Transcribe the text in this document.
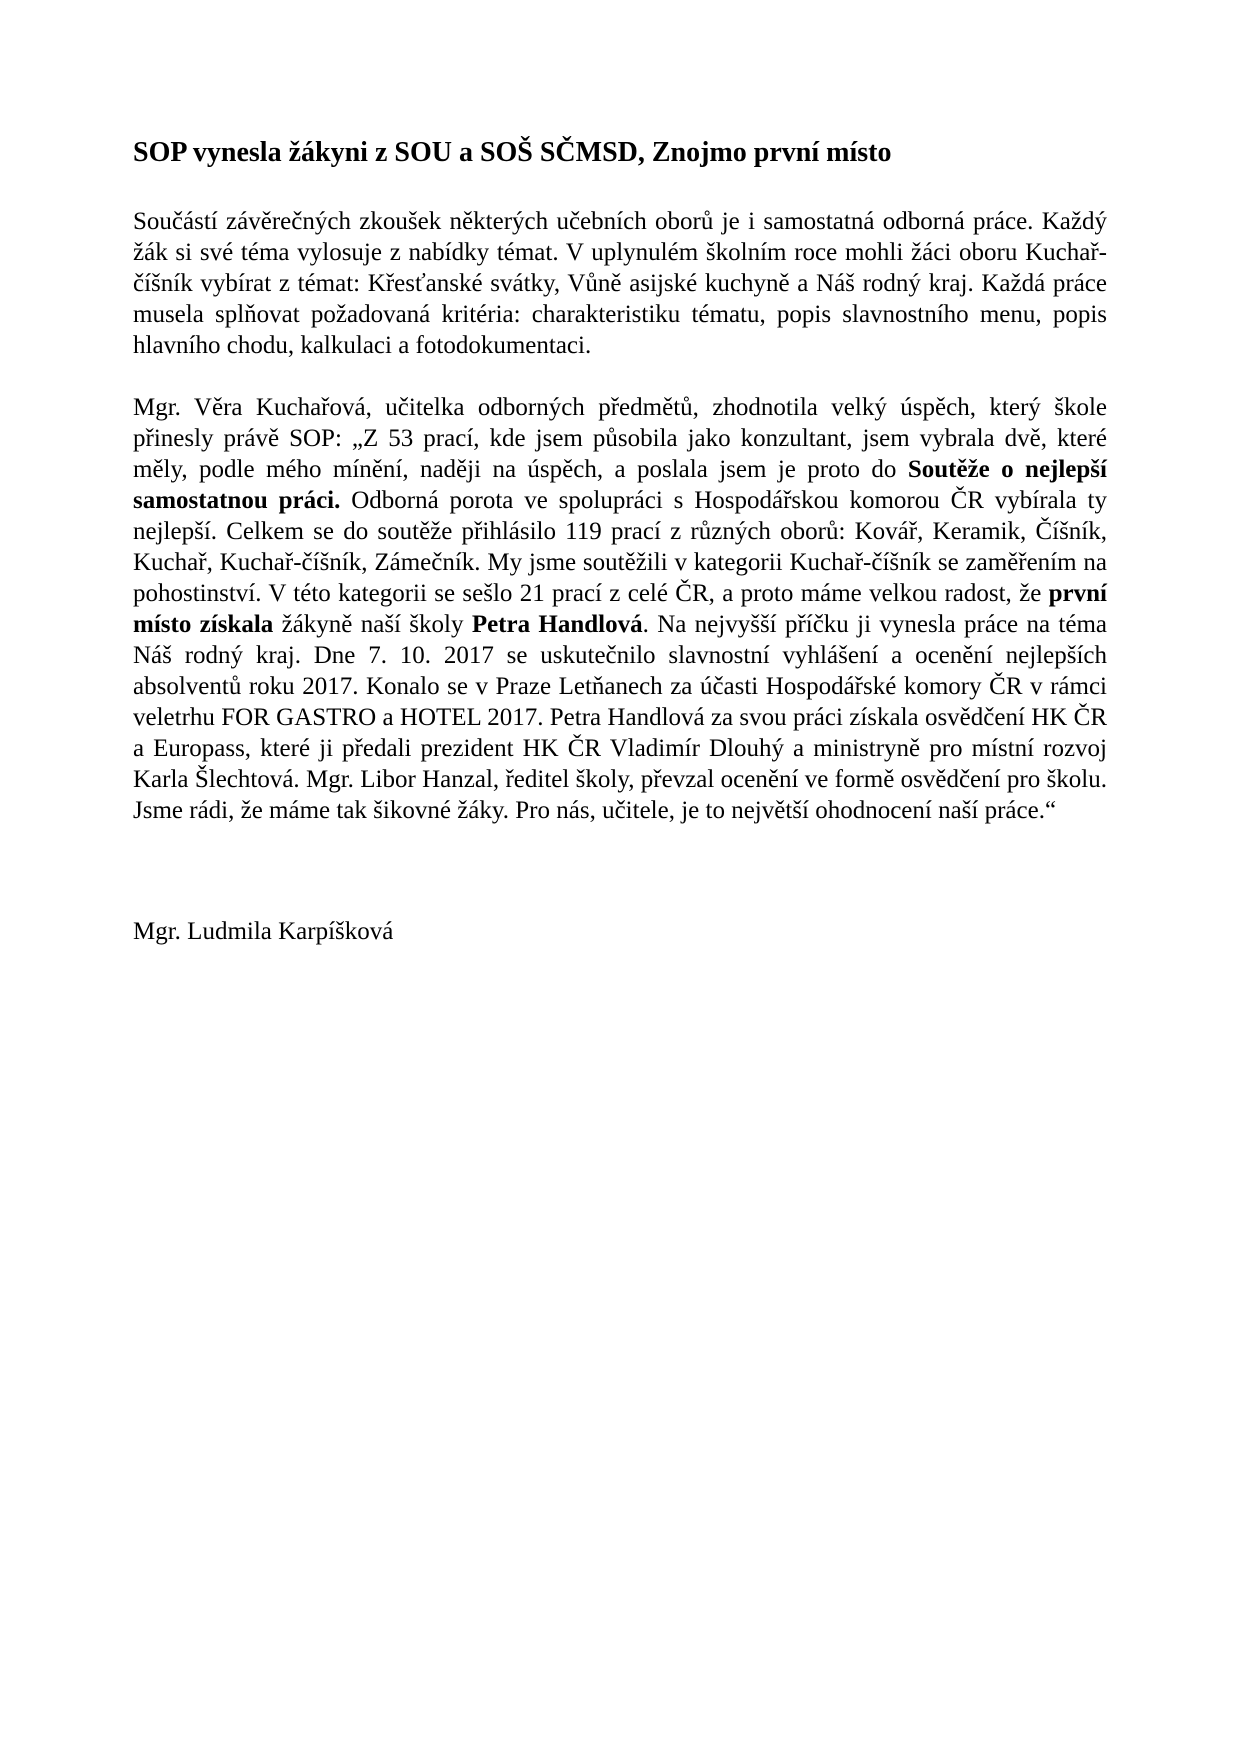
SOP vynesla žákyni z SOU a SOŠ SČMSD, Znojmo první místo

Součástí závěrečných zkoušek některých učebních oborů je i samostatná odborná práce. Každý žák si své téma vylosuje z nabídky témat. V uplynulém školním roce mohli žáci oboru Kuchař-číšník vybírat z témat: Křesťanské svátky, Vůně asijské kuchyně a Náš rodný kraj. Každá práce musela splňovat požadovaná kritéria: charakteristiku tématu, popis slavnostního menu, popis hlavního chodu, kalkulaci a fotodokumentaci.

Mgr. Věra Kuchařová, učitelka odborných předmětů, zhodnotila velký úspěch, který škole přinesly právě SOP: „Z 53 prací, kde jsem působila jako konzultant, jsem vybrala dvě, které měly, podle mého mínění, naději na úspěch, a poslala jsem je proto do Soutěže o nejlepší samostatnou práci. Odborná porota ve spolupráci s Hospodářskou komorou ČR vybírala ty nejlepší. Celkem se do soutěže přihlásilo 119 prací z různých oborů: Kovář, Keramik, Číšník, Kuchař, Kuchař-číšník, Zámečník. My jsme soutěžili v kategorii Kuchař-číšník se zaměřením na pohostinství. V této kategorii se sešlo 21 prací z celé ČR, a proto máme velkou radost, že první místo získala žákyně naší školy Petra Handlová. Na nejvyšší příčku ji vynesla práce na téma Náš rodný kraj. Dne 7. 10. 2017 se uskutečnilo slavnostní vyhlášení a ocenění nejlepších absolventů roku 2017. Konalo se v Praze Letňanech za účasti Hospodářské komory ČR v rámci veletrhu FOR GASTRO a HOTEL 2017. Petra Handlová za svou práci získala osvědčení HK ČR a Europass, které ji předali prezident HK ČR Vladimír Dlouhý a ministryně pro místní rozvoj Karla Šlechtová. Mgr. Libor Hanzal, ředitel školy, převzal ocenění ve formě osvědčení pro školu. Jsme rádi, že máme tak šikovné žáky. Pro nás, učitele, je to největší ohodnocení naší práce.“

Mgr. Ludmila Karpíšková
